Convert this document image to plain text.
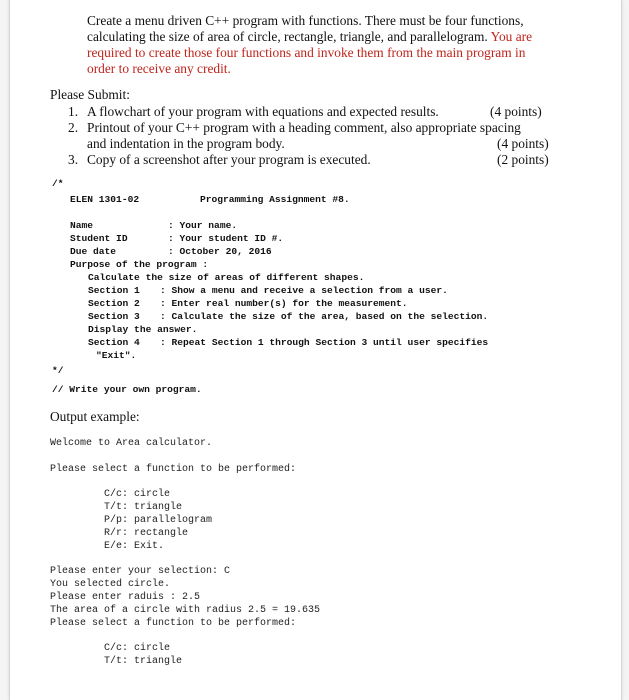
Create a menu driven C++ program with functions. There must be four functions,
calculating the size of area of circle, rectangle, triangle, and parallelogram. You are
required to create those four functions and invoke them from the main program in
order to receive any credit.
Please Submit:
1. A flowchart of your program with equations and expected results.	(4 points)
2. Printout of your C++ program with a heading comment, also appropriate spacing
and indentation in the program body.	(4 points)
3. Copy of a screenshot after your program is executed.	(2 points)
/*
ELEN 1301-02	Programming Assignment #8.
Name	: Your name.
Student ID	: Your student ID #.
Due date	: October 20, 2016
Purpose of the program :
Calculate the size of areas of different shapes.
Section 1 : Show a menu and receive a selection from a user.
Section 2 : Enter real number(s) for the measurement.
Section 3 : Calculate the size of the area, based on the selection.
Display the answer.
Section 4 : Repeat Section 1 through Section 3 until user specifies
"Exit".
*/
// Write your own program.
Output example:
Welcome to Area calculator.
Please select a function to be performed:
C/c: circle
T/t: triangle
P/p: parallelogram
R/r: rectangle
E/e: Exit.
Please enter your selection: C
You selected circle.
Please enter raduis : 2.5
The area of a circle with radius 2.5 = 19.635
Please select a function to be performed:
C/c: circle
T/t: triangle
